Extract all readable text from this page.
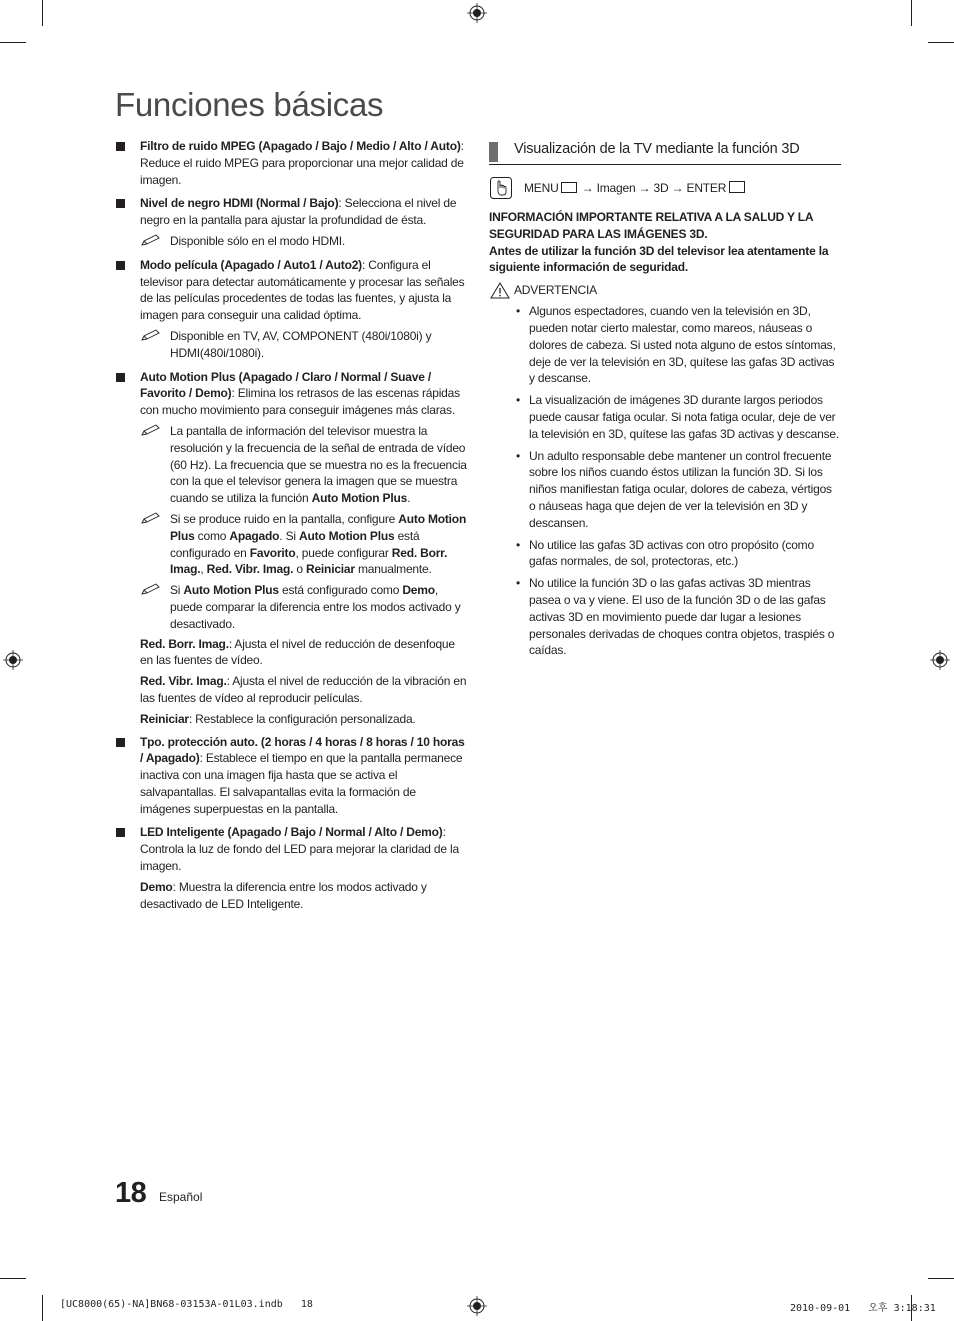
Funciones básicas
Filtro de ruido MPEG (Apagado / Bajo / Medio / Alto / Auto): Reduce el ruido MPEG para proporcionar una mejor calidad de imagen.
Nivel de negro HDMI (Normal / Bajo): Selecciona el nivel de negro en la pantalla para ajustar la profundidad de ésta.
Disponible sólo en el modo HDMI.
Modo película (Apagado / Auto1 / Auto2): Configura el televisor para detectar automáticamente y procesar las señales de las películas procedentes de todas las fuentes, y ajusta la imagen para conseguir una calidad óptima.
Disponible en TV, AV, COMPONENT (480i/1080i) y HDMI(480i/1080i).
Auto Motion Plus (Apagado / Claro / Normal / Suave / Favorito / Demo): Elimina los retrasos de las escenas rápidas con mucho movimiento para conseguir imágenes más claras.
La pantalla de información del televisor muestra la resolución y la frecuencia de la señal de entrada de vídeo (60 Hz). La frecuencia que se muestra no es la frecuencia con la que el televisor genera la imagen que se muestra cuando se utiliza la función Auto Motion Plus.
Si se produce ruido en la pantalla, configure Auto Motion Plus como Apagado. Si Auto Motion Plus está configurado en Favorito, puede configurar Red. Borr. Imag., Red. Vibr. Imag. o Reiniciar manualmente.
Si Auto Motion Plus está configurado como Demo, puede comparar la diferencia entre los modos activado y desactivado.
Red. Borr. Imag.: Ajusta el nivel de reducción de desenfoque en las fuentes de vídeo.
Red. Vibr. Imag.: Ajusta el nivel de reducción de la vibración en las fuentes de vídeo al reproducir películas.
Reiniciar: Restablece la configuración personalizada.
Tpo. protección auto. (2 horas / 4 horas / 8 horas / 10 horas / Apagado): Establece el tiempo en que la pantalla permanece inactiva con una imagen fija hasta que se activa el salvapantallas. El salvapantallas evita la formación de imágenes superpuestas en la pantalla.
LED Inteligente (Apagado / Bajo / Normal / Alto / Demo): Controla la luz de fondo del LED para mejorar la claridad de la imagen.
Demo: Muestra la diferencia entre los modos activado y desactivado de LED Inteligente.
Visualización de la TV mediante la función 3D
MENU → Imagen → 3D → ENTER
INFORMACIÓN IMPORTANTE RELATIVA A LA SALUD Y LA SEGURIDAD PARA LAS IMÁGENES 3D.
Antes de utilizar la función 3D del televisor lea atentamente la siguiente información de seguridad.
ADVERTENCIA
• Algunos espectadores, cuando ven la televisión en 3D, pueden notar cierto malestar, como mareos, náuseas o dolores de cabeza. Si usted nota alguno de estos síntomas, deje de ver la televisión en 3D, quítese las gafas 3D activas y descanse.
• La visualización de imágenes 3D durante largos periodos puede causar fatiga ocular. Si nota fatiga ocular, deje de ver la televisión en 3D, quítese las gafas 3D activas y descanse.
• Un adulto responsable debe mantener un control frecuente sobre los niños cuando éstos utilizan la función 3D. Si los niños manifiestan fatiga ocular, dolores de cabeza, vértigos o náuseas haga que dejen de ver la televisión en 3D y descansen.
• No utilice las gafas 3D activas con otro propósito (como gafas normales, de sol, protectoras, etc.)
• No utilice la función 3D o las gafas activas 3D mientras pasea o va y viene. El uso de la función 3D o de las gafas activas 3D en movimiento puede dar lugar a lesiones personales derivadas de choques contra objetos, traspiés o caídas.
18 Español
[UC8000(65)-NA]BN68-03153A-01L03.indb   18	2010-09-01   오후 3:18:31
